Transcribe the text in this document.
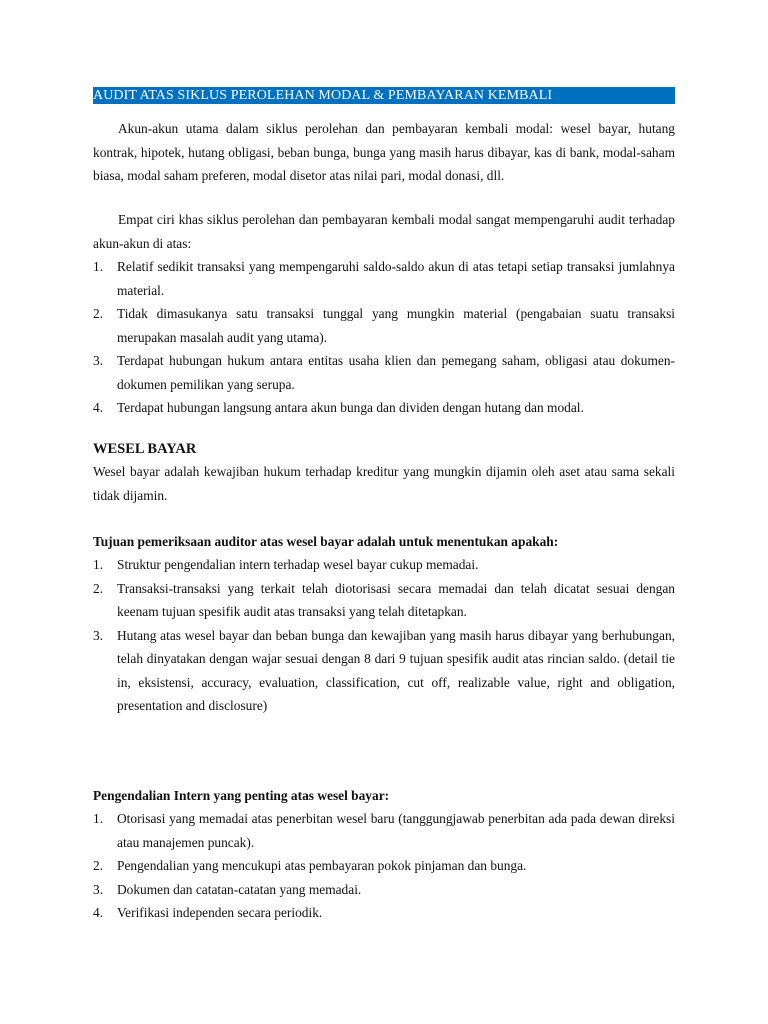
AUDIT ATAS SIKLUS PEROLEHAN MODAL & PEMBAYARAN KEMBALI
Akun-akun utama dalam siklus perolehan dan pembayaran kembali modal: wesel bayar, hutang kontrak, hipotek, hutang obligasi, beban bunga, bunga yang masih harus dibayar, kas di bank, modal-saham biasa, modal saham preferen, modal disetor atas nilai pari, modal donasi, dll.
Empat ciri khas siklus perolehan dan pembayaran kembali modal sangat mempengaruhi audit terhadap akun-akun di atas:
1.	Relatif sedikit transaksi yang mempengaruhi saldo-saldo akun di atas tetapi setiap transaksi jumlahnya material.
2.	Tidak dimasukanya satu transaksi tunggal yang mungkin material (pengabaian suatu transaksi merupakan masalah audit yang utama).
3.	Terdapat hubungan hukum antara entitas usaha klien dan pemegang saham, obligasi atau dokumen-dokumen pemilikan yang serupa.
4.	Terdapat hubungan langsung antara akun bunga dan dividen dengan hutang dan modal.
WESEL BAYAR
Wesel bayar adalah kewajiban hukum terhadap kreditur yang mungkin dijamin oleh aset atau sama sekali tidak dijamin.
Tujuan pemeriksaan auditor atas wesel bayar adalah untuk menentukan apakah:
1.	Struktur pengendalian intern terhadap wesel bayar cukup memadai.
2.	Transaksi-transaksi yang terkait telah diotorisasi secara memadai dan telah dicatat sesuai dengan keenam tujuan spesifik audit atas transaksi yang telah ditetapkan.
3.	Hutang atas wesel bayar dan beban bunga dan kewajiban yang masih harus dibayar yang berhubungan, telah dinyatakan dengan wajar sesuai dengan 8 dari 9 tujuan spesifik audit atas rincian saldo. (detail tie in, eksistensi, accuracy, evaluation, classification, cut off, realizable value, right and obligation, presentation and disclosure)
Pengendalian Intern yang penting atas wesel bayar:
1.	Otorisasi yang memadai atas penerbitan wesel baru (tanggungjawab penerbitan ada pada dewan direksi atau manajemen puncak).
2.	Pengendalian yang mencukupi atas pembayaran pokok pinjaman dan bunga.
3.	Dokumen dan catatan-catatan yang memadai.
4.	Verifikasi independen secara periodik.
